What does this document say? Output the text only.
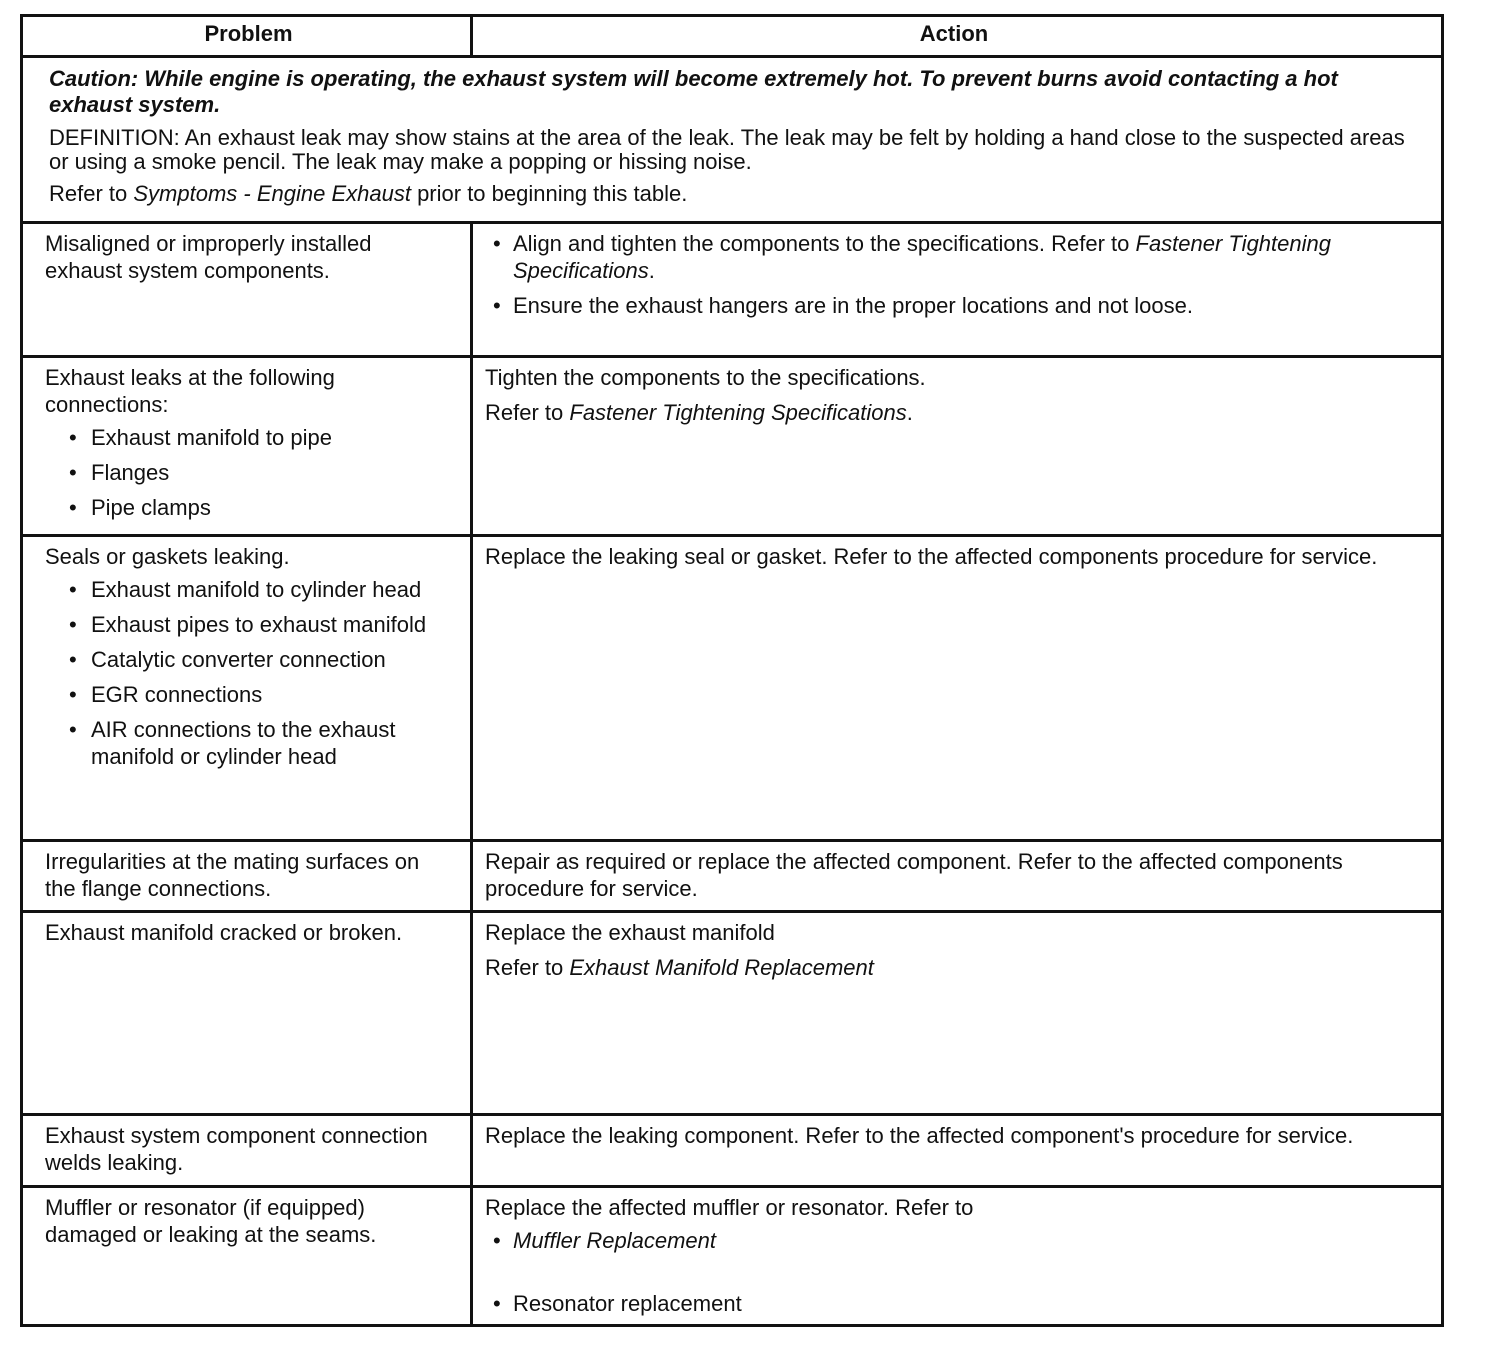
Problem	Action
Caution: While engine is operating, the exhaust system will become extremely hot. To prevent burns avoid contacting a hot exhaust system.
DEFINITION: An exhaust leak may show stains at the area of the leak. The leak may be felt by holding a hand close to the suspected areas or using a smoke pencil. The leak may make a popping or hissing noise.
Refer to Symptoms - Engine Exhaust prior to beginning this table.
Misaligned or improperly installed exhaust system components.
• Align and tighten the components to the specifications. Refer to Fastener Tightening Specifications.
• Ensure the exhaust hangers are in the proper locations and not loose.
Exhaust leaks at the following connections:
• Exhaust manifold to pipe
• Flanges
• Pipe clamps

Tighten the components to the specifications.

Refer to Fastener Tightening Specifications.

Seals or gaskets leaking.
• Exhaust manifold to cylinder head
• Exhaust pipes to exhaust manifold
• Catalytic converter connection
• EGR connections
• AIR connections to the exhaust manifold or cylinder head
Replace the leaking seal or gasket. Refer to the affected components procedure for service.
Irregularities at the mating surfaces on the flange connections.
Repair as required or replace the affected component. Refer to the affected components procedure for service.
Exhaust manifold cracked or broken.	Replace the exhaust manifold

Refer to Exhaust Manifold Replacement

Exhaust system component connection welds leaking.
Replace the leaking component. Refer to the affected component's procedure for service.
Muffler or resonator (if equipped) damaged or leaking at the seams.
Replace the affected muffler or resonator. Refer to
• Muffler Replacement
• Resonator replacement
